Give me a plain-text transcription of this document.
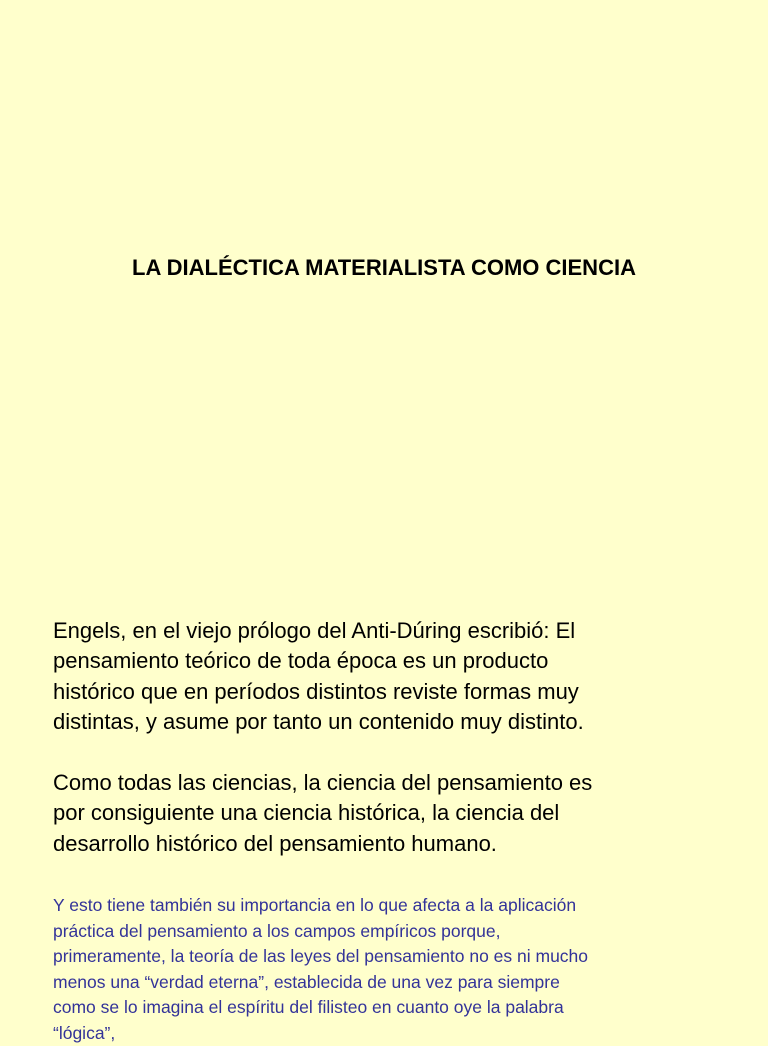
LA DIALÉCTICA MATERIALISTA COMO CIENCIA

Engels, en el viejo prólogo del Anti-Dúring escribió: El
pensamiento teórico de toda época es un producto
histórico que en períodos distintos reviste formas muy
distintas, y asume por tanto un contenido muy distinto.

Como todas las ciencias, la ciencia del pensamiento es
por consiguiente una ciencia histórica, la ciencia del
desarrollo histórico del pensamiento humano.

Y esto tiene también su importancia en lo que afecta a la aplicación
práctica del pensamiento a los campos empíricos porque,
primeramente, la teoría de las leyes del pensamiento no es ni mucho
menos una “verdad eterna”, establecida de una vez para siempre
como se lo imagina el espíritu del filisteo en cuanto oye la palabra
“lógica”,
